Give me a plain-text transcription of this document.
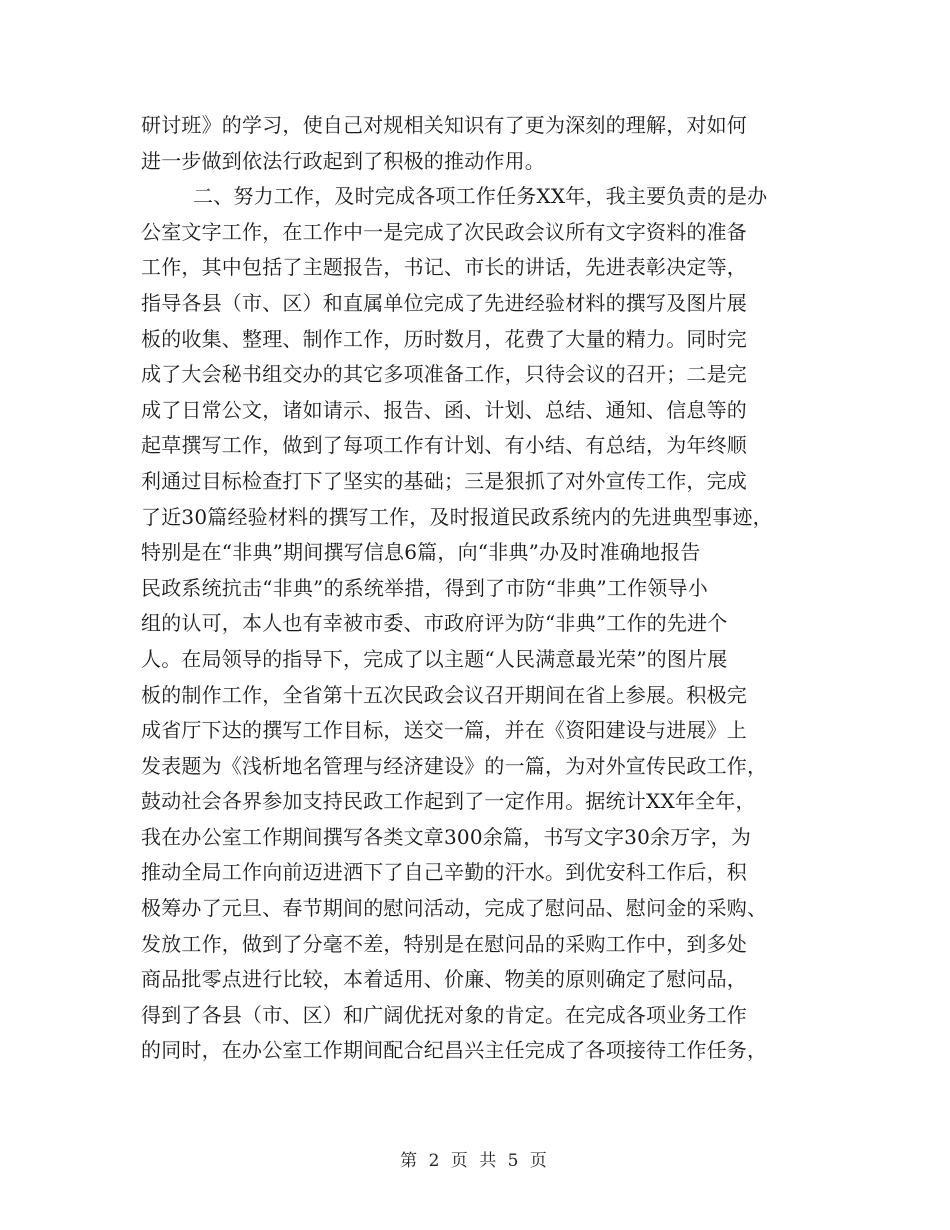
研讨班》的学习，使自己对规相关知识有了更为深刻的理解，对如何
进一步做到依法行政起到了积极的推动作用。
二、努力工作，及时完成各项工作任务XX年，我主要负责的是办
公室文字工作，在工作中一是完成了次民政会议所有文字资料的准备
工作，其中包括了主题报告，书记、市长的讲话，先进表彰决定等，
指导各县（市、区）和直属单位完成了先进经验材料的撰写及图片展
板的收集、整理、制作工作，历时数月，花费了大量的精力。同时完
成了大会秘书组交办的其它多项准备工作，只待会议的召开；二是完
成了日常公文，诸如请示、报告、函、计划、总结、通知、信息等的
起草撰写工作，做到了每项工作有计划、有小结、有总结，为年终顺
利通过目标检查打下了坚实的基础；三是狠抓了对外宣传工作，完成
了近30篇经验材料的撰写工作，及时报道民政系统内的先进典型事迹，
特别是在“非典”期间撰写信息6篇，向“非典”办及时准确地报告
民政系统抗击“非典”的系统举措，得到了市防“非典”工作领导小
组的认可，本人也有幸被市委、市政府评为防“非典”工作的先进个
人。在局领导的指导下，完成了以主题“人民满意最光荣”的图片展
板的制作工作，全省第十五次民政会议召开期间在省上参展。积极完
成省厅下达的撰写工作目标，送交一篇，并在《资阳建设与进展》上
发表题为《浅析地名管理与经济建设》的一篇，为对外宣传民政工作，
鼓动社会各界参加支持民政工作起到了一定作用。据统计XX年全年，
我在办公室工作期间撰写各类文章300余篇，书写文字30余万字，为
推动全局工作向前迈进洒下了自己辛勤的汗水。到优安科工作后，积
极筹办了元旦、春节期间的慰问活动，完成了慰问品、慰问金的采购、
发放工作，做到了分毫不差，特别是在慰问品的采购工作中，到多处
商品批零点进行比较，本着适用、价廉、物美的原则确定了慰问品，
得到了各县（市、区）和广阔优抚对象的肯定。在完成各项业务工作
的同时，在办公室工作期间配合纪昌兴主任完成了各项接待工作任务，
第 2 页 共 5 页
